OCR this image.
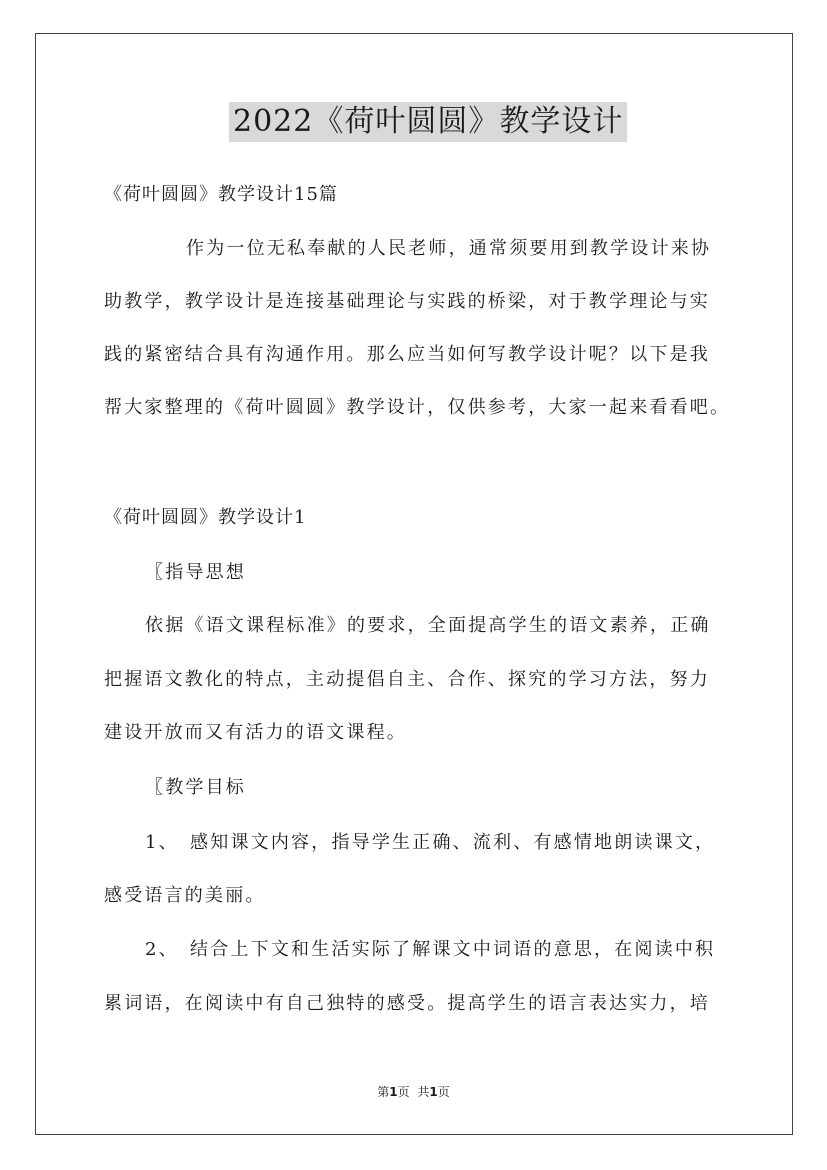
2022《荷叶圆圆》教学设计
《荷叶圆圆》教学设计15篇
作为一位无私奉献的人民老师，通常须要用到教学设计来协
助教学，教学设计是连接基础理论与实践的桥梁，对于教学理论与实
践的紧密结合具有沟通作用。那么应当如何写教学设计呢？以下是我
帮大家整理的《荷叶圆圆》教学设计，仅供参考，大家一起来看看吧。
《荷叶圆圆》教学设计1
〖指导思想
依据《语文课程标准》的要求，全面提高学生的语文素养，正确
把握语文教化的特点，主动提倡自主、合作、探究的学习方法，努力
建设开放而又有活力的语文课程。
〖教学目标
1、　感知课文内容，指导学生正确、流利、有感情地朗读课文，
感受语言的美丽。
2、　结合上下文和生活实际了解课文中词语的意思，在阅读中积
累词语，在阅读中有自己独特的感受。提高学生的语言表达实力，培
第1页 共1页
